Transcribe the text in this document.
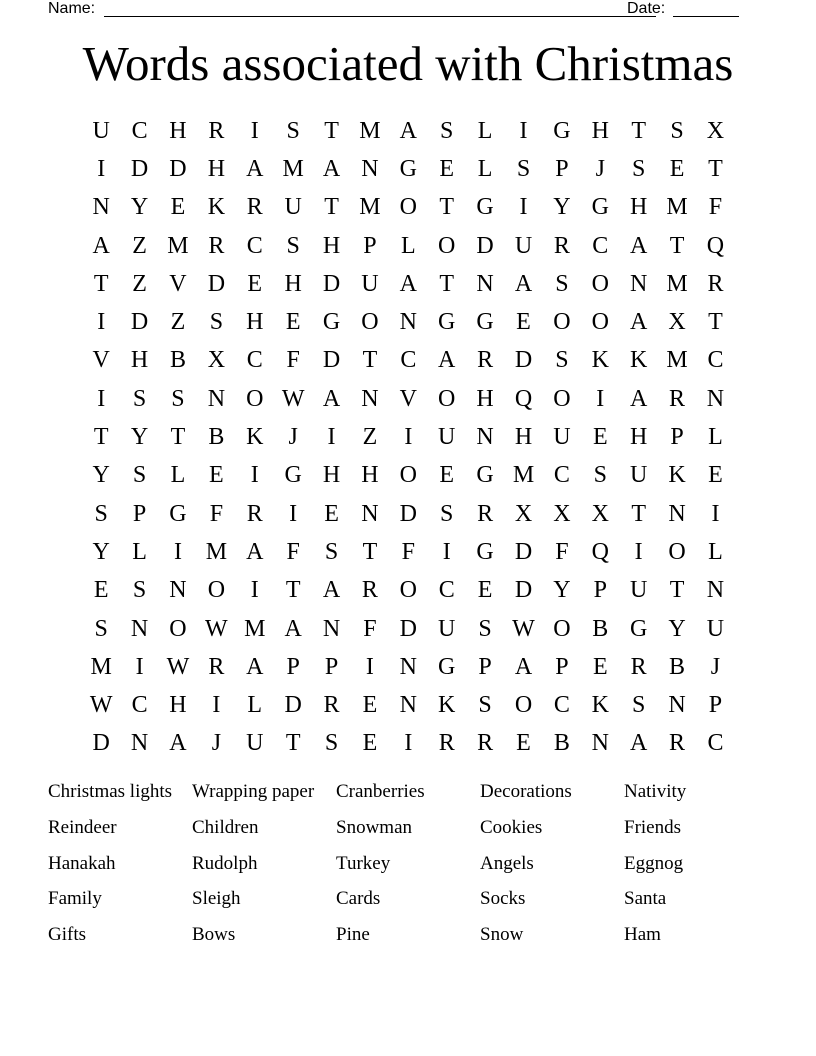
Name:	Date:
Words associated with Christmas
U C H R	I	S	T M A S	L	I	G H T	S X
I	D D H A M A N G E L	S	P	J	S	E T
N Y E K R U T M O T G	I	Y G H M F
A Z M R C S H P	L O D U R C A T Q
T Z V D E H D U A T N A S O N M R
I	D Z	S H E G O N G G E O O A X T
V H B X C F D T C A R D S K K M C
I	S	S N O W A N V O H Q O	I	A R N
T Y T B K	J	I	Z	I	U N H U E H P	L
Y S	L E	I	G H H O E G M C S U K E
S	P G F R	I	E N D S R X X X T N	I
Y L	I M A F	S	T	F	I	G D F Q	I	O L
E	S N O	I	T A R O C E D Y P U T N
S N O W M A N F D U S W O B G Y U
M I W R A P	P	I	N G P A P	E R B	J
W C H	I	L D R E N K S O C K S N P
D N A	J	U T	S	E	I	R R E B N A R C
Christmas lights	Wrapping paper	Cranberries	Decorations	Nativity
Reindeer	Children	Snowman	Cookies	Friends
Hanakah	Rudolph	Turkey	Angels	Eggnog
Family	Sleigh	Cards	Socks	Santa
Gifts	Bows	Pine	Snow	Ham
